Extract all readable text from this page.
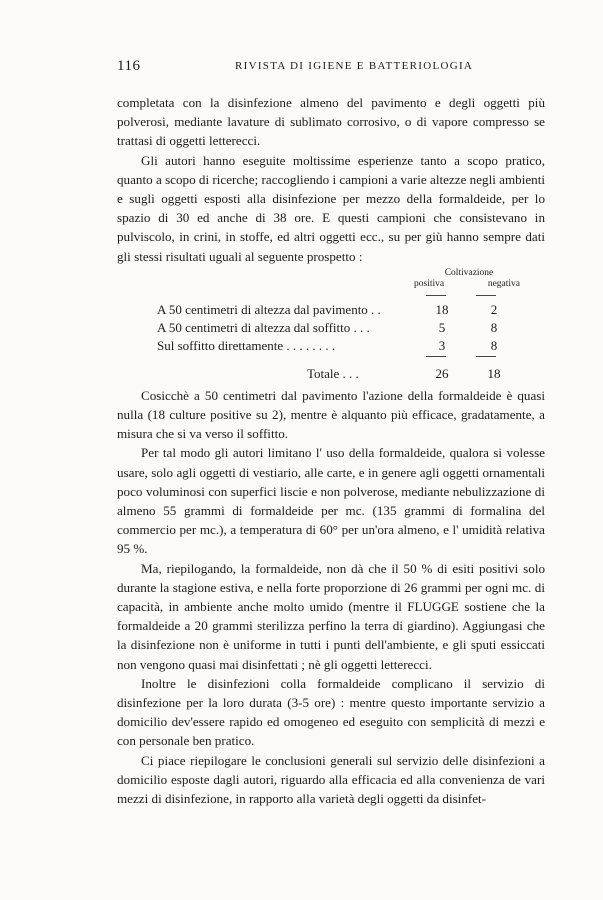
116	RIVISTA DI IGIENE E BATTERIOLOGIA

completata con la disinfezione almeno del pavimento e degli oggetti più polverosi, mediante lavature di sublimato corrosivo, o di vapore compresso se trattasi di oggetti letterecci.

Gli autori hanno eseguite moltissime esperienze tanto a scopo pratico, quanto a scopo di ricerche; raccogliendo i campioni a varie altezze negli ambienti e sugli oggetti esposti alla disinfezione per mezzo della formaldeide, per lo spazio di 30 ed anche di 38 ore. E questi campioni che consistevano in pulviscolo, in crini, in stoffe, ed altri oggetti ecc., su per giù hanno sempre dati gli stessi risultati uguali al seguente prospetto :

Coltivazione
positiva	negativa
A 50 centimetri di altezza dal pavimento . .	18	2
A 50 centimetri di altezza dal soffitto . . .	5	8
Sul soffitto direttamente . . . . . . . .	3	8
Totale . . .	26	18

Cosicchè a 50 centimetri dal pavimento l'azione della formaldeide è quasi nulla (18 culture positive su 2), mentre è alquanto più efficace, gradatamente, a misura che si va verso il soffitto.

Per tal modo gli autori limitano l' uso della formaldeide, qualora si volesse usare, solo agli oggetti di vestiario, alle carte, e in genere agli oggetti ornamentali poco voluminosi con superfici liscie e non polverose, mediante nebulizzazione di almeno 55 grammi di formaldeide per mc. (135 grammi di formalina del commercio per mc.), a temperatura di 60° per un'ora almeno, e l' umidità relativa 95 %.

Ma, riepilogando, la formaldeide, non dà che il 50 % di esiti positivi solo durante la stagione estiva, e nella forte proporzione di 26 grammi per ogni mc. di capacità, in ambiente anche molto umido (mentre il FLUGGE sostiene che la formaldeide a 20 grammi sterilizza perfino la terra di giardino). Aggiungasi che la disinfezione non è uniforme in tutti i punti dell'ambiente, e gli sputi essiccati non vengono quasi mai disinfettati ; nè gli oggetti letterecci.

Inoltre le disinfezioni colla formaldeide complicano il servizio di disinfezione per la loro durata (3-5 ore) : mentre questo importante servizio a domicilio dev'essere rapido ed omogeneo ed eseguito con semplicità di mezzi e con personale ben pratico.

Ci piace riepilogare le conclusioni generali sul servizio delle disinfezioni a domicilio esposte dagli autori, riguardo alla efficacia ed alla convenienza de vari mezzi di disinfezione, in rapporto alla varietà degli oggetti da disinfet-
